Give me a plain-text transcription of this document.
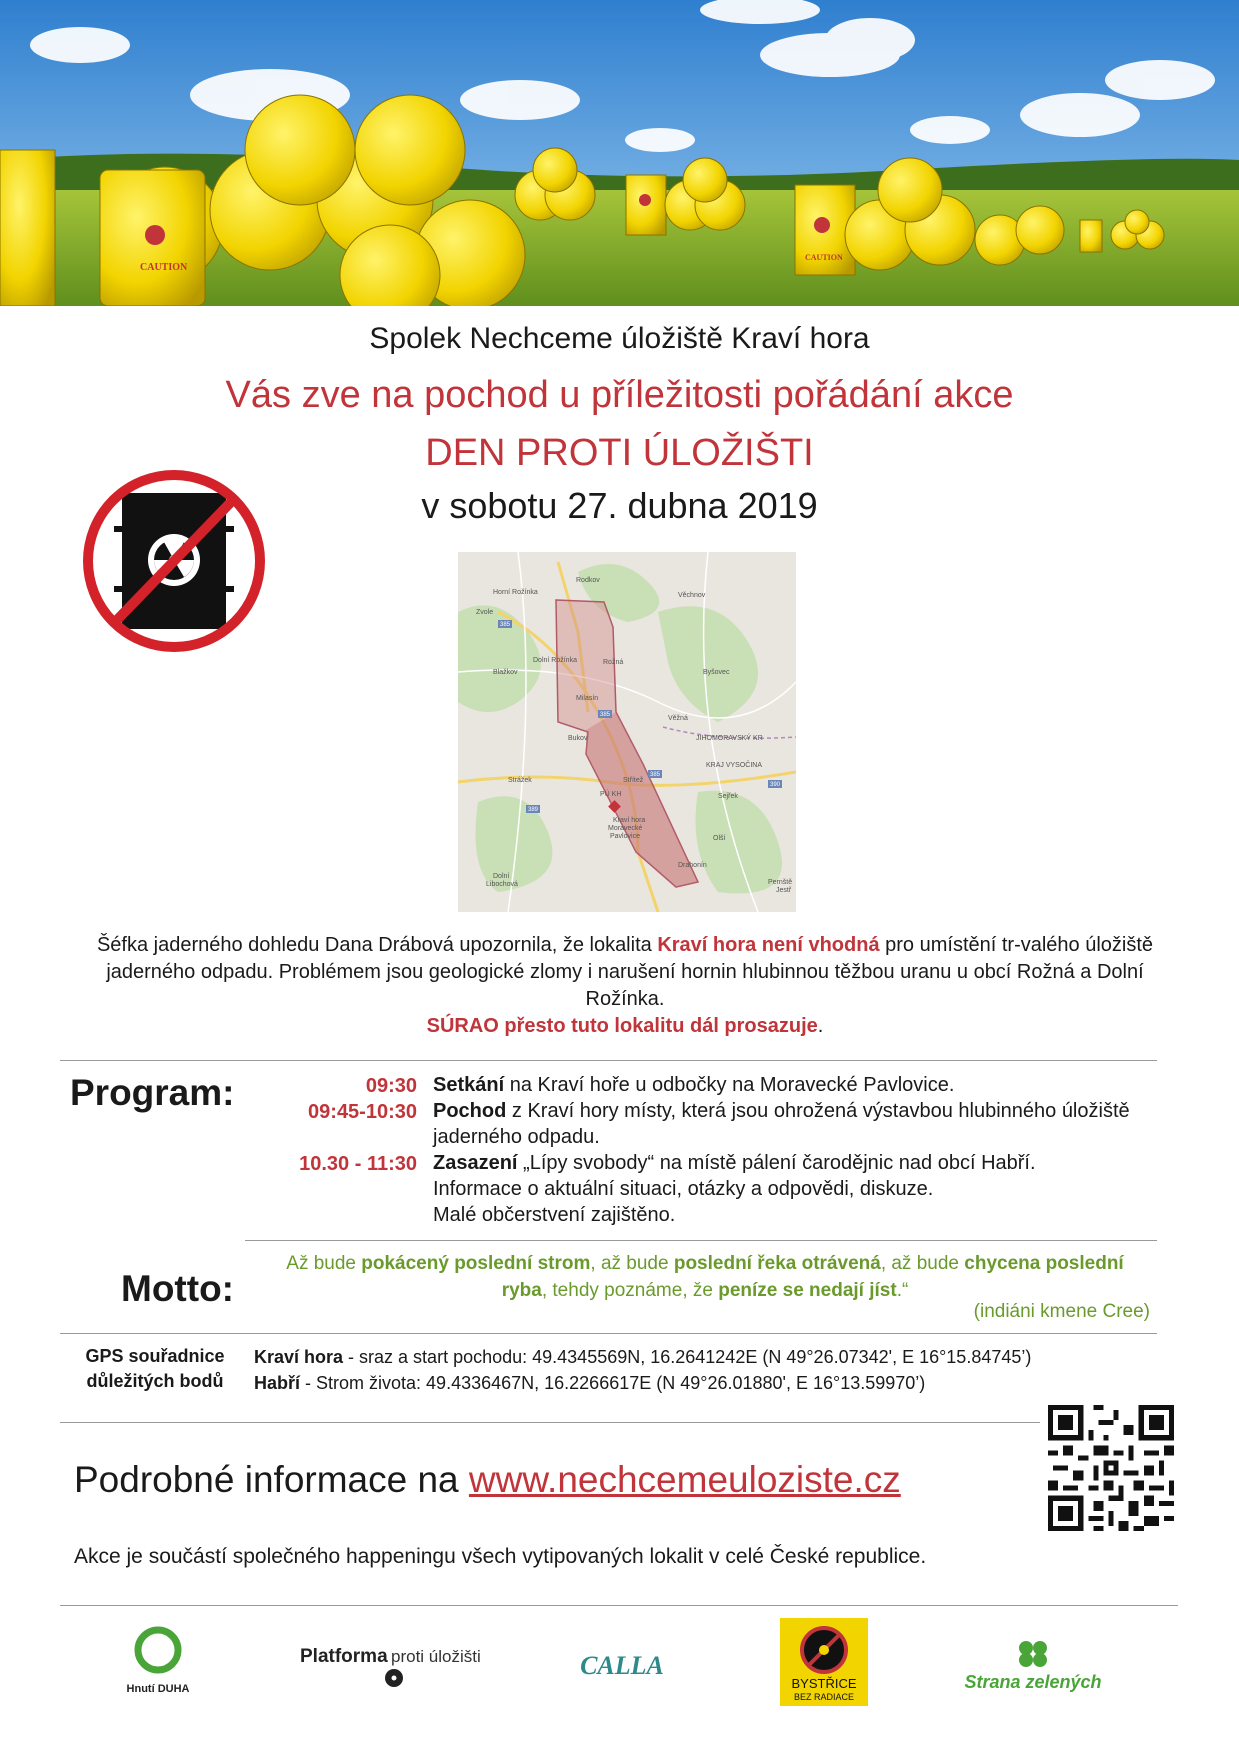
CAUTION
CAUTION
Spolek Nechceme úložiště Kraví hora
Vás zve na pochod u příležitosti pořádání akce
DEN PROTI ÚLOŽIŠTI
v sobotu 27. dubna 2019
Horní Rožínka
Rodkov
Věchnov
Zvole
Dolní Rožínka	Rožná
Byšovec
Blažkov
Milasín
Věžná
Bukov	JIHOMORAVSKÝ KR
KRAJ VYSOČINA
Strážek	Střítež
PÚ KH	Sejřek
Kraví hora
Moravecké
Pavlovice	Olší
Drahonín
Dolní
Libochová	Pernště
Jestř
385
385
385
389
390
Šéfka jaderného dohledu Dana Drábová upozornila, že lokalita Kraví hora není vhodná pro umístění tr-valého úložiště jaderného odpadu. Problémem jsou geologické zlomy i narušení hornin hlubinnou těžbou uranu u obcí Rožná a Dolní Rožínka.
SÚRAO přesto tuto lokalitu dál prosazuje.
Program:	09:30 Setkání na Kraví hoře u odbočky na Moravecké Pavlovice.
09:45-10:30 Pochod z Kraví hory místy, která jsou ohrožená výstavbou hlubinného úložiště jaderného odpadu.
10.30 - 11:30 Zasazení „Lípy svobody“ na místě pálení čarodějnic nad obcí Habří.
Informace o aktuální situaci, otázky a odpovědi, diskuze.
Malé občerstvení zajištěno.
Motto:
Až bude pokácený poslední strom, až bude poslední řeka otrávená, až bude chycena poslední ryba, tehdy poznáme, že peníze se nedají jíst.“
(indiáni kmene Cree)
GPS souřadnice
důležitých bodů
Kraví hora - sraz a start pochodu: 49.4345569N, 16.2641242E (N 49°26.07342', E 16°15.84745’)
Habří - Strom života: 49.4336467N, 16.2266617E (N 49°26.01880', E 16°13.59970’)
Podrobné informace na www.nechcemeuloziste.cz
Akce je součástí společného happeningu všech vytipovaných lokalit v celé České republice.
Hnutí DUHA
Platforma proti úložišti	CALLA
BYSTŘICE
BEZ RADIACE
Strana zelených
